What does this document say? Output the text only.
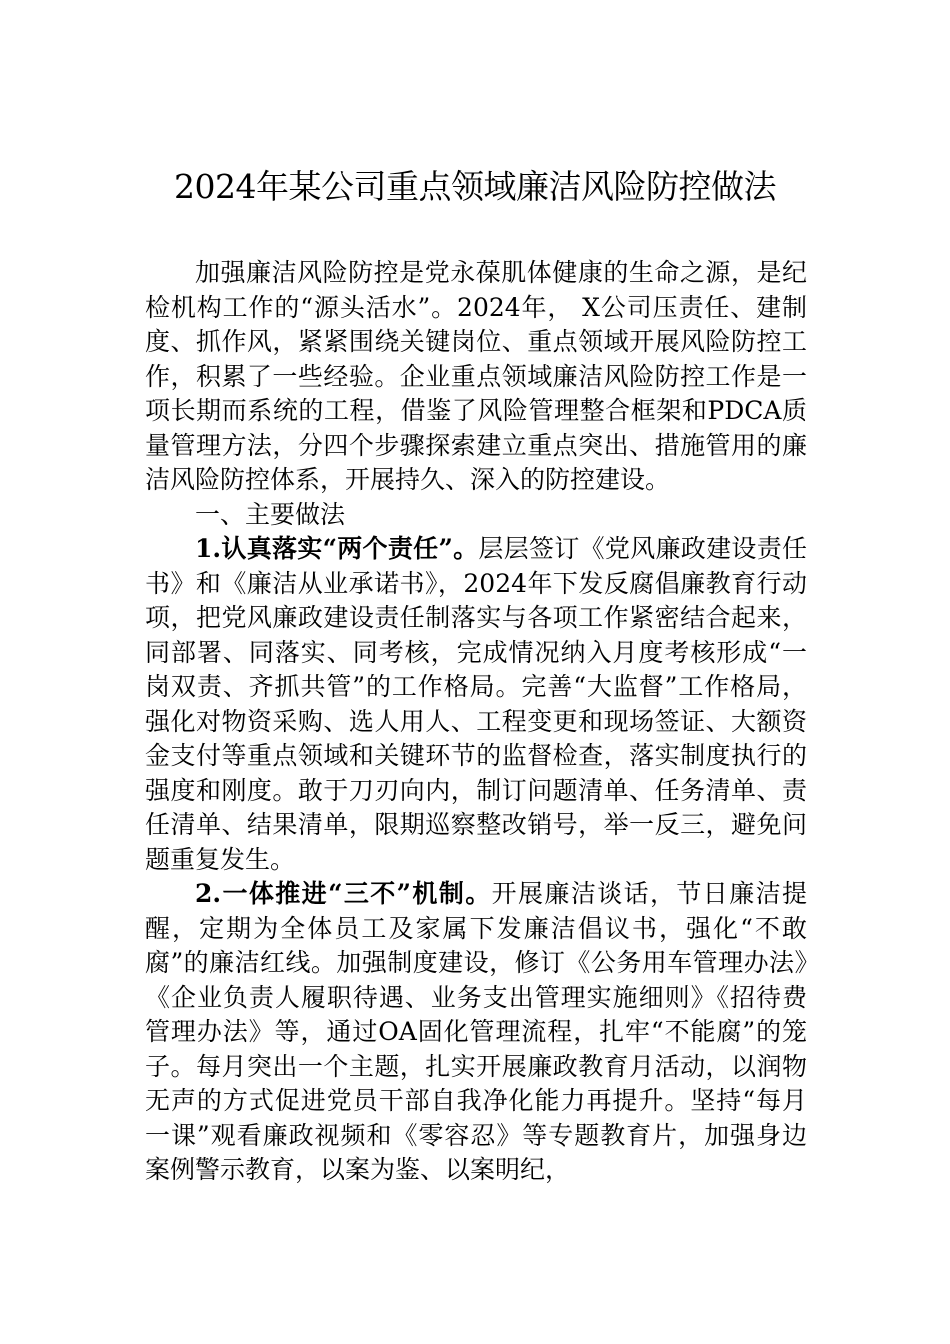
2024年某公司重点领域廉洁风险防控做法

加强廉洁风险防控是党永葆肌体健康的生命之源，是纪检机构工作的“源头活水”。2024年， X公司压责任、建制度、抓作风，紧紧围绕关键岗位、重点领域开展风险防控工作，积累了一些经验。企业重点领域廉洁风险防控工作是一项长期而系统的工程，借鉴了风险管理整合框架和PDCA质量管理方法，分四个步骤探索建立重点突出、措施管用的廉洁风险防控体系，开展持久、深入的防控建设。

一、主要做法

1.认真落实“两个责任”。层层签订《党风廉政建设责任书》和《廉洁从业承诺书》，2024年下发反腐倡廉教育行动项，把党风廉政建设责任制落实与各项工作紧密结合起来，同部署、同落实、同考核，完成情况纳入月度考核形成“一岗双责、齐抓共管”的工作格局。完善“大监督”工作格局，强化对物资采购、选人用人、工程变更和现场签证、大额资金支付等重点领域和关键环节的监督检查，落实制度执行的强度和刚度。敢于刀刃向内，制订问题清单、任务清单、责任清单、结果清单，限期巡察整改销号，举一反三，避免问题重复发生。

2.一体推进“三不”机制。开展廉洁谈话，节日廉洁提醒，定期为全体员工及家属下发廉洁倡议书，强化“不敢腐”的廉洁红线。加强制度建设，修订《公务用车管理办法》《企业负责人履职待遇、业务支出管理实施细则》《招待费管理办法》等，通过OA固化管理流程，扎牢“不能腐”的笼子。每月突出一个主题，扎实开展廉政教育月活动，以润物无声的方式促进党员干部自我净化能力再提升。坚持“每月一课”观看廉政视频和《零容忍》等专题教育片，加强身边案例警示教育，以案为鉴、以案明纪，
